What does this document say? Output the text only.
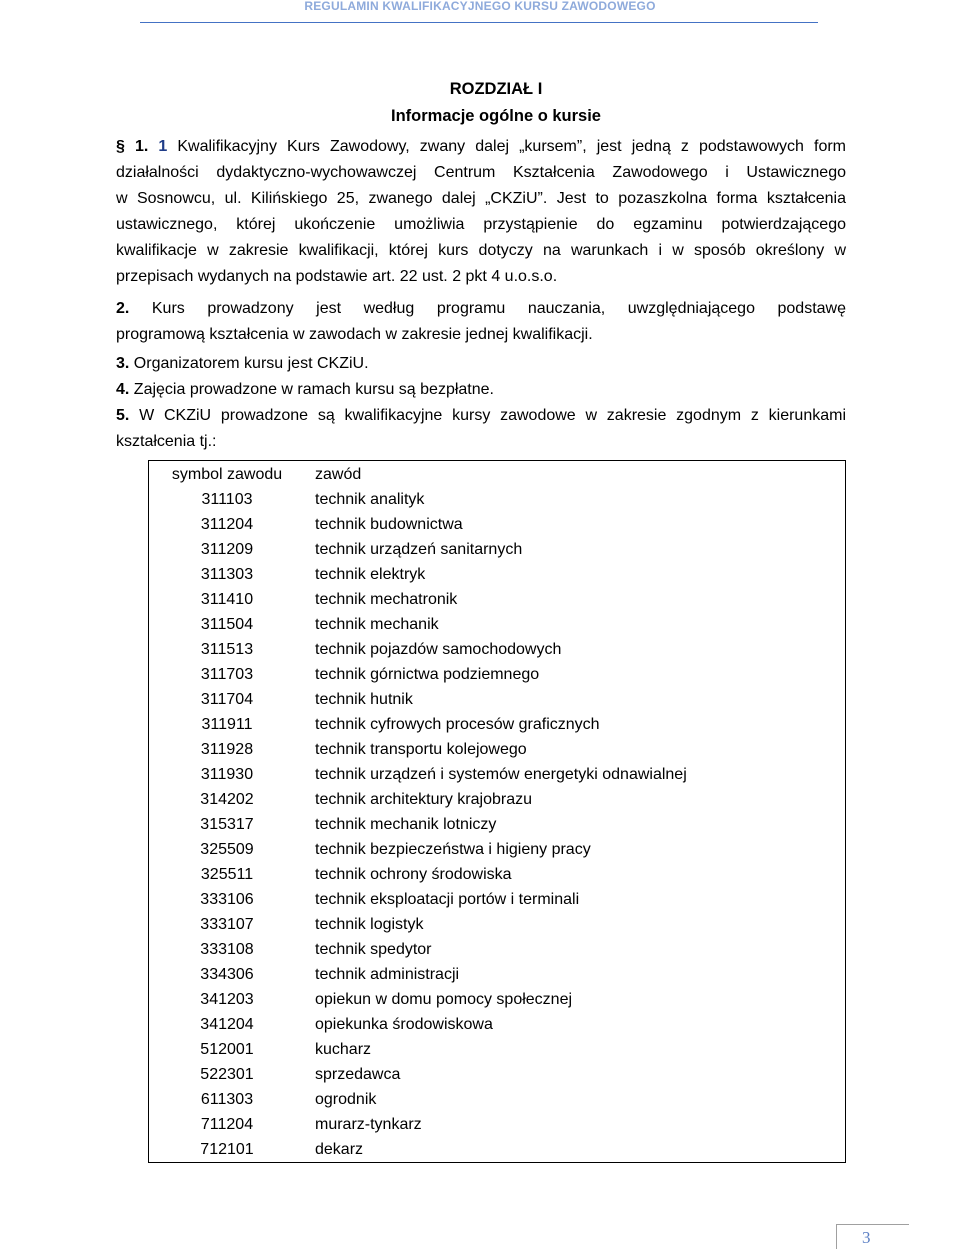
REGULAMIN KWALIFIKACYJNEGO KURSU ZAWODOWEGO
ROZDZIAŁ I
Informacje ogólne o kursie
§ 1. 1 Kwalifikacyjny Kurs Zawodowy, zwany dalej „kursem”, jest jedną z podstawowych form
działalności dydaktyczno-wychowawczej Centrum Kształcenia Zawodowego i Ustawicznego
w Sosnowcu, ul. Kilińskiego 25, zwanego dalej „CKZiU”. Jest to pozaszkolna forma kształcenia
ustawicznego, której ukończenie umożliwia przystąpienie do egzaminu potwierdzającego
kwalifikacje w zakresie kwalifikacji, której kurs dotyczy na warunkach i w sposób określony w
przepisach wydanych na podstawie art. 22 ust. 2 pkt 4 u.o.s.o.
2. Kurs prowadzony jest według programu nauczania, uwzględniającego podstawę
programową kształcenia w zawodach w zakresie jednej kwalifikacji.
3. Organizatorem kursu jest CKZiU.
4. Zajęcia prowadzone w ramach kursu są bezpłatne.
5. W CKZiU prowadzone są kwalifikacyjne kursy zawodowe w zakresie zgodnym z kierunkami
kształcenia tj.:
symbol zawodu	zawód
311103	technik analityk
311204	technik budownictwa
311209	technik urządzeń sanitarnych
311303	technik elektryk
311410	technik mechatronik
311504	technik mechanik
311513	technik pojazdów samochodowych
311703	technik górnictwa podziemnego
311704	technik hutnik
311911	technik cyfrowych procesów graficznych
311928	technik transportu kolejowego
311930	technik urządzeń i systemów energetyki odnawialnej
314202	technik architektury krajobrazu
315317	technik mechanik lotniczy
325509	technik bezpieczeństwa i higieny pracy
325511	technik ochrony środowiska
333106	technik eksploatacji portów i terminali
333107	technik logistyk
333108	technik spedytor
334306	technik administracji
341203	opiekun w domu pomocy społecznej
341204	opiekunka środowiskowa
512001	kucharz
522301	sprzedawca
611303	ogrodnik
711204	murarz-tynkarz
712101	dekarz
3
